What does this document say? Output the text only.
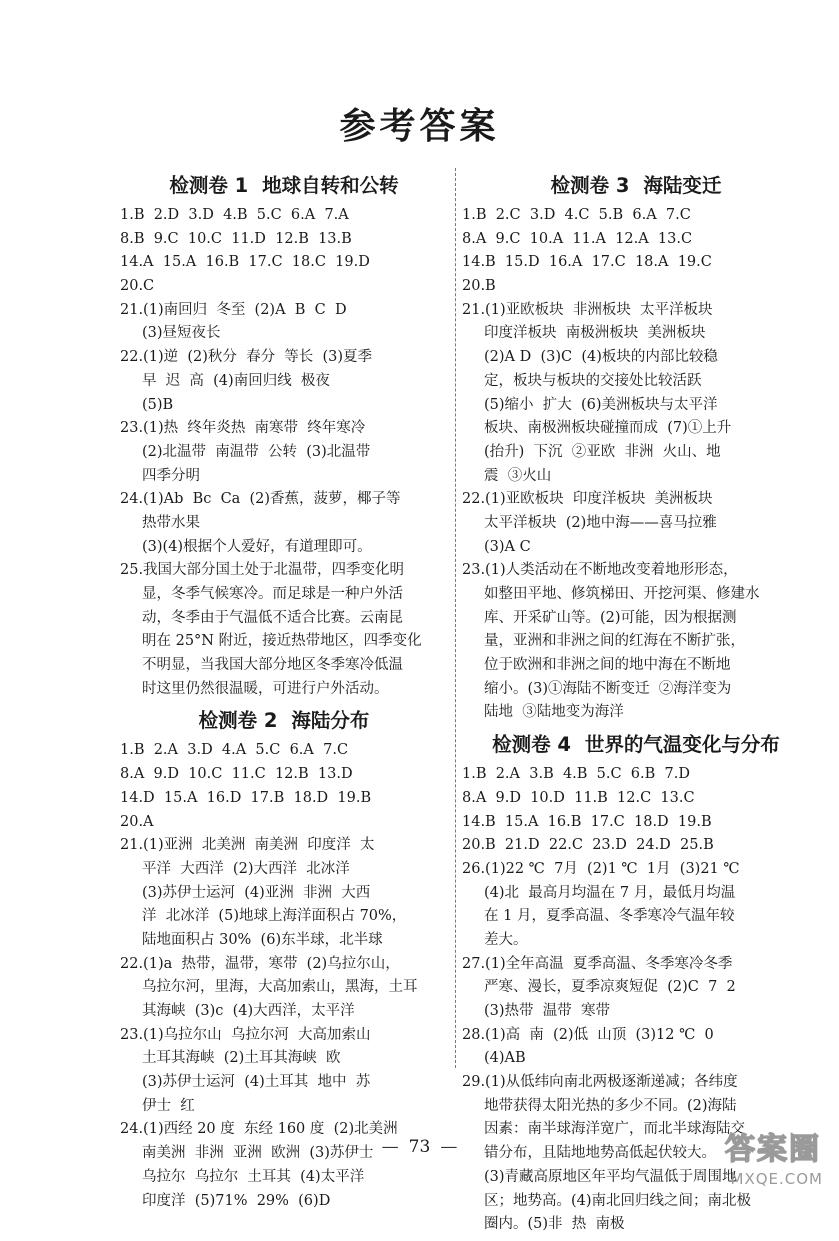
参考答案
检测卷 1 地球自转和公转
1.B  2.D  3.D  4.B  5.C  6.A  7.A
8.B  9.C  10.C  11.D  12.B  13.B
14.A  15.A  16.B  17.C  18.C  19.D
20.C
21.(1)南回归  冬至  (2)A  B  C  D
(3)昼短夜长
22.(1)逆  (2)秋分  春分  等长  (3)夏季
早  迟  高  (4)南回归线  极夜
(5)B
23.(1)热  终年炎热  南寒带  终年寒冷
(2)北温带  南温带  公转  (3)北温带
四季分明
24.(1)Ab  Bc  Ca  (2)香蕉，菠萝，椰子等
热带水果
(3)(4)根据个人爱好，有道理即可。
25.我国大部分国土处于北温带，四季变化明
显，冬季气候寒冷。而足球是一种户外活
动，冬季由于气温低不适合比赛。云南昆
明在 25°N 附近，接近热带地区，四季变化
不明显，当我国大部分地区冬季寒冷低温
时这里仍然很温暖，可进行户外活动。
检测卷 2 海陆分布
1.B  2.A  3.D  4.A  5.C  6.A  7.C
8.A  9.D  10.C  11.C  12.B  13.D
14.D  15.A  16.D  17.B  18.D  19.B
20.A
21.(1)亚洲  北美洲  南美洲  印度洋  太
平洋  大西洋  (2)大西洋  北冰洋
(3)苏伊士运河  (4)亚洲  非洲  大西
洋  北冰洋  (5)地球上海洋面积占 70%，
陆地面积占 30%  (6)东半球，北半球
22.(1)a  热带，温带，寒带  (2)乌拉尔山，
乌拉尔河，里海，大高加索山，黑海，土耳
其海峡  (3)c  (4)大西洋，太平洋
23.(1)乌拉尔山  乌拉尔河  大高加索山
土耳其海峡  (2)土耳其海峡  欧
(3)苏伊士运河  (4)土耳其  地中  苏
伊士  红
24.(1)西经 20 度  东经 160 度  (2)北美洲
南美洲  非洲  亚洲  欧洲  (3)苏伊士
乌拉尔  乌拉尔  土耳其  (4)太平洋
印度洋  (5)71%  29%  (6)D
检测卷 3 海陆变迁
1.B  2.C  3.D  4.C  5.B  6.A  7.C
8.A  9.C  10.A  11.A  12.A  13.C
14.B  15.D  16.A  17.C  18.A  19.C
20.B
21.(1)亚欧板块  非洲板块  太平洋板块
印度洋板块  南极洲板块  美洲板块
(2)A D  (3)C  (4)板块的内部比较稳
定，板块与板块的交接处比较活跃
(5)缩小  扩大  (6)美洲板块与太平洋
板块、南极洲板块碰撞而成  (7)①上升
(抬升)  下沉  ②亚欧  非洲  火山、地
震  ③火山
22.(1)亚欧板块  印度洋板块  美洲板块
太平洋板块  (2)地中海——喜马拉雅
(3)A C
23.(1)人类活动在不断地改变着地形形态，
如整田平地、修筑梯田、开挖河渠、修建水
库、开采矿山等。(2)可能，因为根据测
量，亚洲和非洲之间的红海在不断扩张，
位于欧洲和非洲之间的地中海在不断地
缩小。(3)①海陆不断变迁  ②海洋变为
陆地  ③陆地变为海洋
检测卷 4 世界的气温变化与分布
1.B  2.A  3.B  4.B  5.C  6.B  7.D
8.A  9.D  10.D  11.B  12.C  13.C
14.B  15.A  16.B  17.C  18.D  19.B
20.B  21.D  22.C  23.D  24.D  25.B
26.(1)22 ℃  7月  (2)1 ℃  1月  (3)21 ℃
(4)北  最高月均温在 7 月，最低月均温
在 1 月，夏季高温、冬季寒冷气温年较
差大。
27.(1)全年高温  夏季高温、冬季寒冷冬季
严寒、漫长，夏季凉爽短促  (2)C  7  2
(3)热带  温带  寒带
28.(1)高  南  (2)低  山顶  (3)12 ℃  0
(4)AB
29.(1)从低纬向南北两极逐渐递减；各纬度
地带获得太阳光热的多少不同。(2)海陆
因素：南半球海洋宽广，而北半球海陆交
错分布，且陆地地势高低起伏较大。
(3)青藏高原地区年平均气温低于周围地
区；地势高。(4)南北回归线之间；南北极
圈内。(5)非  热  南极
— 73 —	答案圈
MXQE.COM
